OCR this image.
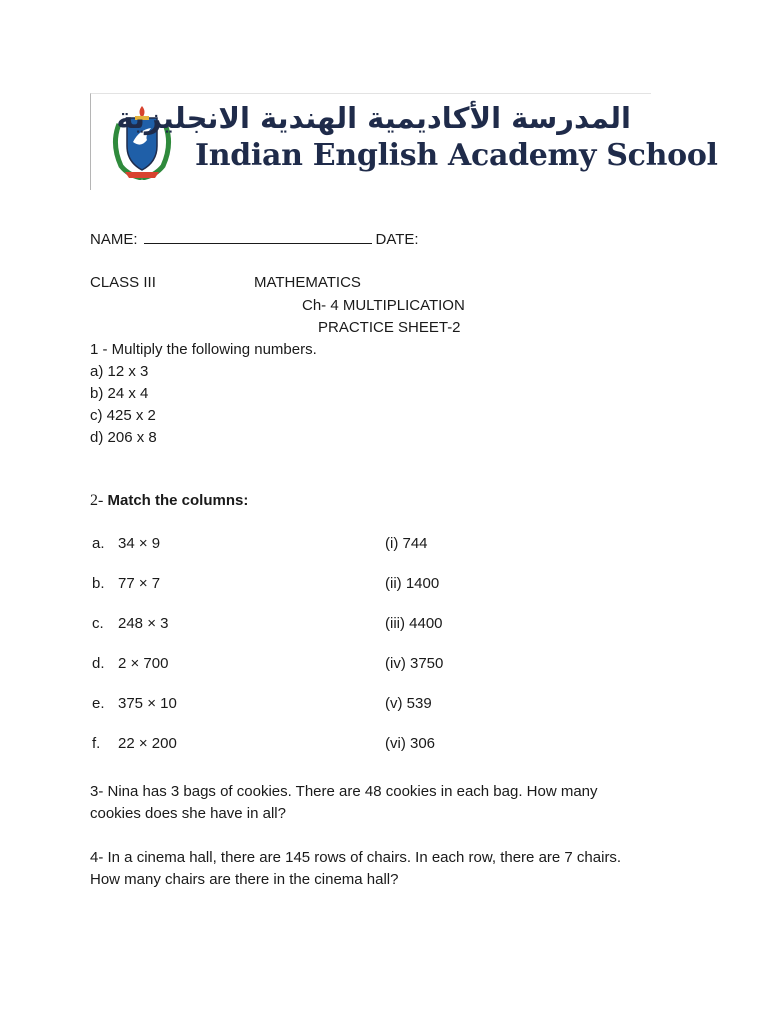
المدرسة الأكاديمية الهندية الانجليزية
Indian English Academy School
NAME:	DATE:
CLASS III	MATHEMATICS
Ch- 4 MULTIPLICATION
PRACTICE SHEET-2
1 - Multiply the following numbers.
a) 12 x 3
b) 24 x 4
c) 425 x 2
d) 206 x 8
2- Match the columns:
a. 34 × 9
b. 77 × 7
c. 248 × 3
d. 2 × 700
e. 375 × 10
f. 22 × 200
(i) 744
(ii) 1400
(iii) 4400
(iv) 3750
(v) 539
(vi) 306
3- Nina has 3 bags of cookies. There are 48 cookies in each bag. How many
cookies does she have in all?
4- In a cinema hall, there are 145 rows of chairs. In each row, there are 7 chairs.
How many chairs are there in the cinema hall?
